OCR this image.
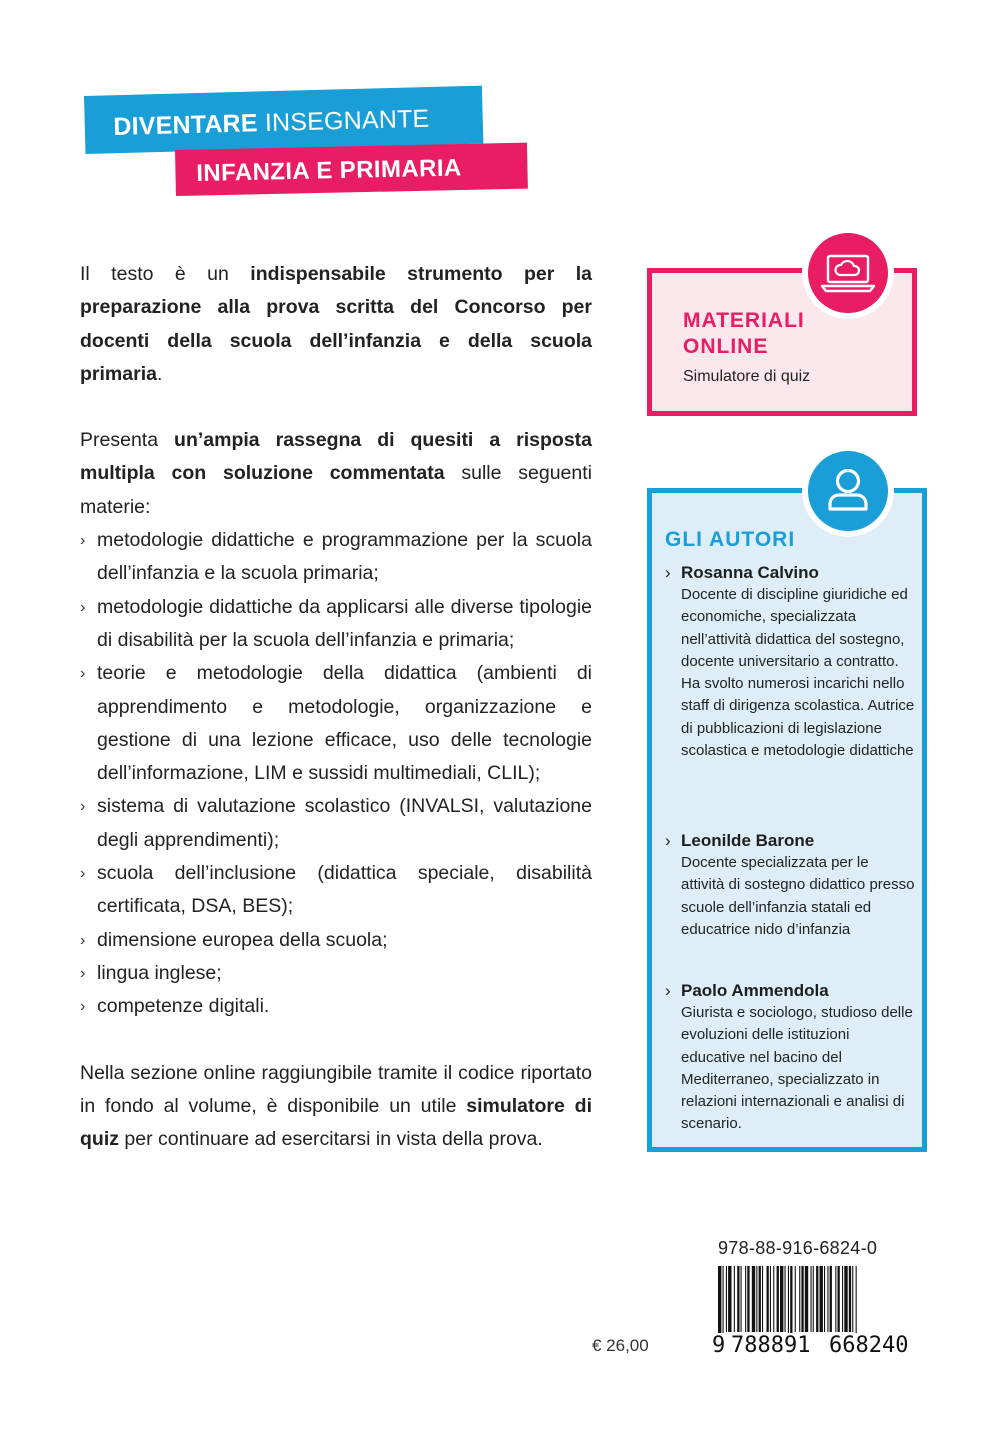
DIVENTARE INSEGNANTE
INFANZIA E PRIMARIA

Il testo è un indispensabile strumento per la preparazione alla prova scritta del Concorso per docenti della scuola dell’infanzia e della scuola primaria.

Presenta un’ampia rassegna di quesiti a risposta multipla con soluzione commentata sulle seguenti materie:

› metodologie didattiche e programmazione per la scuola dell’infanzia e la scuola primaria;
› metodologie didattiche da applicarsi alle diverse tipologie di disabilità per la scuola dell’infanzia e primaria;
› teorie e metodologie della didattica (ambienti di apprendimento e metodologie, organizzazione e gestione di una lezione efficace, uso delle tecnologie dell’informazione, LIM e sussidi multimediali, CLIL);
› sistema di valutazione scolastico (INVALSI, valutazione degli apprendimenti);
› scuola dell’inclusione (didattica speciale, disabilità certificata, DSA, BES);
› dimensione europea della scuola;
› lingua inglese;
› competenze digitali.

Nella sezione online raggiungibile tramite il codice riportato in fondo al volume, è disponibile un utile simulatore di quiz per continuare ad esercitarsi in vista della prova.

MATERIALI
ONLINE
Simulatore di quiz
GLI AUTORI
› Rosanna Calvino
Docente di discipline giuridiche ed economiche, specializzata nell’attività didattica del sostegno, docente universitario a contratto. Ha svolto numerosi incarichi nello staff di dirigenza scolastica. Autrice di pubblicazioni di legislazione scolastica e metodologie didattiche
› Leonilde Barone
Docente specializzata per le attività di sostegno didattico presso scuole dell’infanzia statali ed educatrice nido d’infanzia
› Paolo Ammendola
Giurista e sociologo, studioso delle evoluzioni delle istituzioni educative nel bacino del Mediterraneo, specializzato in relazioni internazionali e analisi di scenario.
978-88-916-6824-0
9 788891 668240
€ 26,00
